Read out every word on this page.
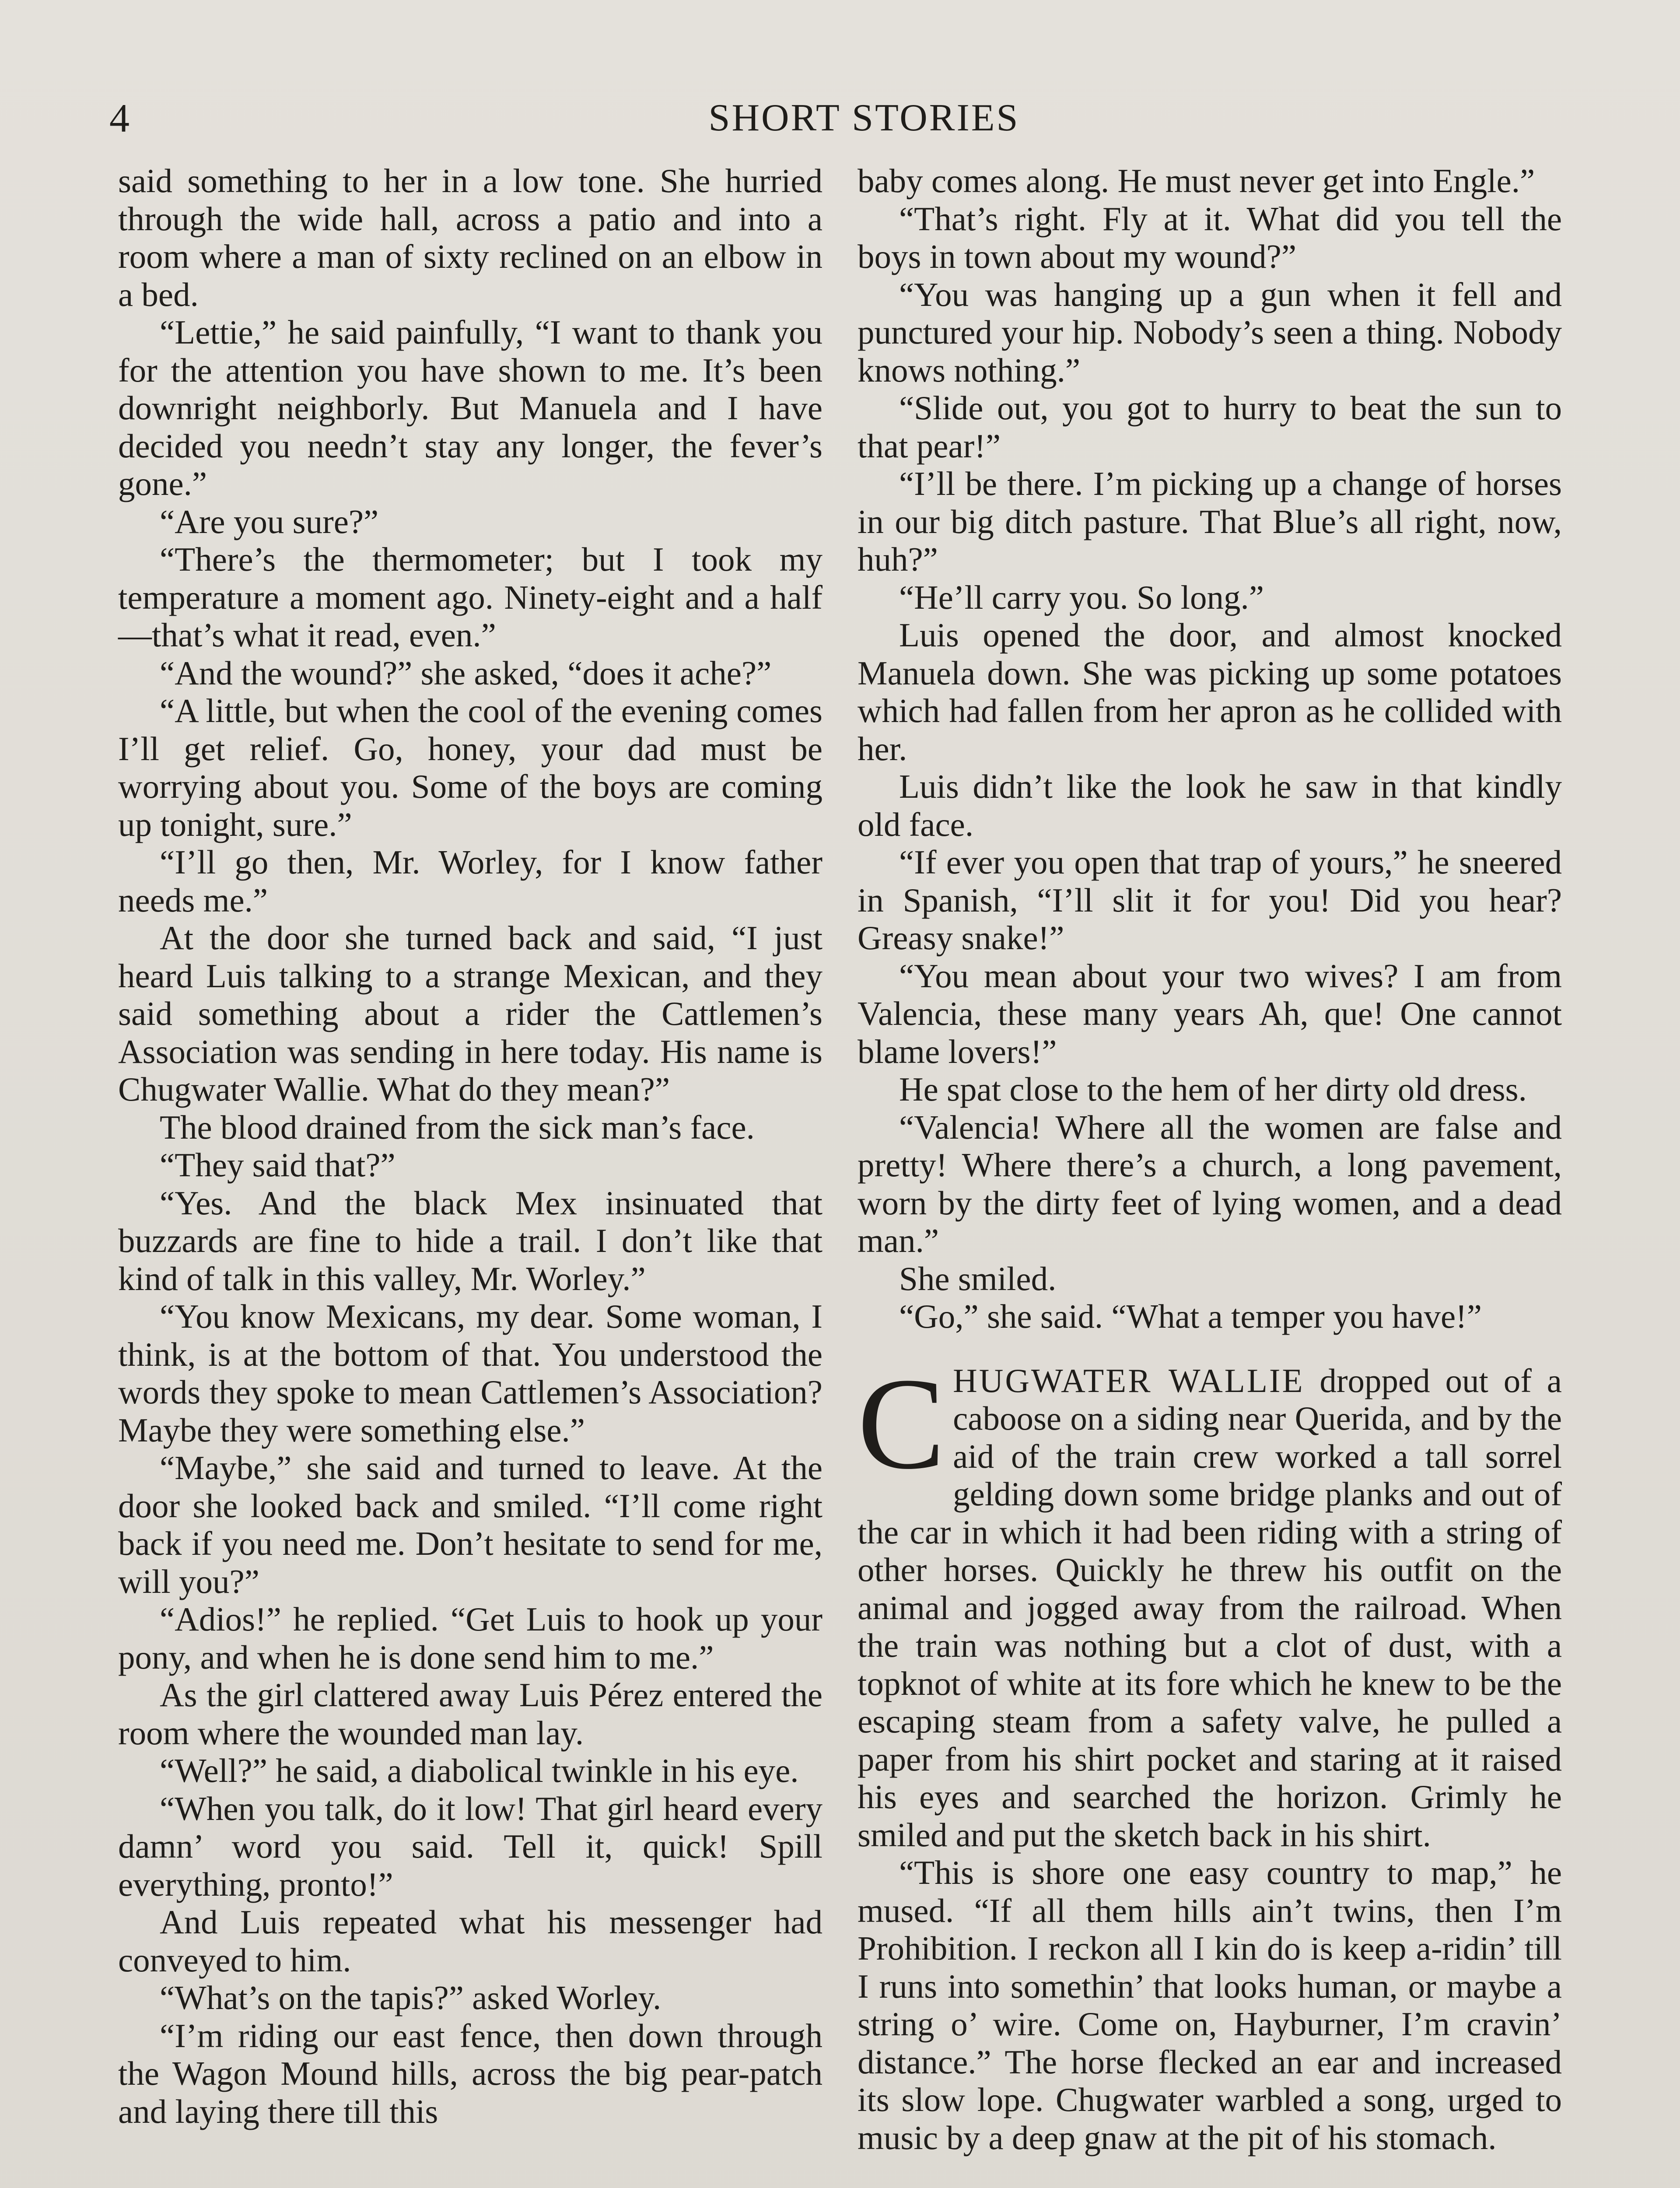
4	SHORT STORIES

said something to her in a low tone. She hurried through the wide hall, across a patio and into a room where a man of sixty reclined on an elbow in a bed.

“Lettie,” he said painfully, “I want to thank you for the attention you have shown to me. It’s been downright neighborly. But Manuela and I have decided you needn’t stay any longer, the fever’s gone.”

“Are you sure?”

“There’s the thermometer; but I took my temperature a moment ago. Ninety-eight and a half—that’s what it read, even.”

“And the wound?” she asked, “does it ache?”

“A little, but when the cool of the evening comes I’ll get relief. Go, honey, your dad must be worrying about you. Some of the boys are coming up tonight, sure.”

“I’ll go then, Mr. Worley, for I know father needs me.”

At the door she turned back and said, “I just heard Luis talking to a strange Mexican, and they said something about a rider the Cattlemen’s Association was sending in here today. His name is Chugwater Wallie. What do they mean?”

The blood drained from the sick man’s face.

“They said that?”

“Yes. And the black Mex insinuated that buzzards are fine to hide a trail. I don’t like that kind of talk in this valley, Mr. Worley.”

“You know Mexicans, my dear. Some woman, I think, is at the bottom of that. You understood the words they spoke to mean Cattlemen’s Association? Maybe they were something else.”

“Maybe,” she said and turned to leave. At the door she looked back and smiled. “I’ll come right back if you need me. Don’t hesitate to send for me, will you?”

“Adios!” he replied. “Get Luis to hook up your pony, and when he is done send him to me.”

As the girl clattered away Luis Pérez entered the room where the wounded man lay.

“Well?” he said, a diabolical twinkle in his eye.

“When you talk, do it low! That girl heard every damn’ word you said. Tell it, quick! Spill everything, pronto!”

And Luis repeated what his messenger had conveyed to him.

“What’s on the tapis?” asked Worley.

“I’m riding our east fence, then down through the Wagon Mound hills, across the big pear-patch and laying there till this

baby comes along. He must never get into Engle.”

“That’s right. Fly at it. What did you tell the boys in town about my wound?”

“You was hanging up a gun when it fell and punctured your hip. Nobody’s seen a thing. Nobody knows nothing.”

“Slide out, you got to hurry to beat the sun to that pear!”

“I’ll be there. I’m picking up a change of horses in our big ditch pasture. That Blue’s all right, now, huh?”

“He’ll carry you. So long.”

Luis opened the door, and almost knocked Manuela down. She was picking up some potatoes which had fallen from her apron as he collided with her.

Luis didn’t like the look he saw in that kindly old face.

“If ever you open that trap of yours,” he sneered in Spanish, “I’ll slit it for you! Did you hear? Greasy snake!”

“You mean about your two wives? I am from Valencia, these many years Ah, que! One cannot blame lovers!”

He spat close to the hem of her dirty old dress.

“Valencia! Where all the women are false and pretty! Where there’s a church, a long pavement, worn by the dirty feet of lying women, and a dead man.”

She smiled.

“Go,” she said. “What a temper you have!”

CHUGWATER WALLIE dropped out of a caboose on a siding near Querida, and by the aid of the train crew worked a tall sorrel gelding down some bridge planks and out of the car in which it had been riding with a string of other horses. Quickly he threw his outfit on the animal and jogged away from the railroad. When the train was nothing but a clot of dust, with a topknot of white at its fore which he knew to be the escaping steam from a safety valve, he pulled a paper from his shirt pocket and staring at it raised his eyes and searched the horizon. Grimly he smiled and put the sketch back in his shirt.

“This is shore one easy country to map,” he mused. “If all them hills ain’t twins, then I’m Prohibition. I reckon all I kin do is keep a-ridin’ till I runs into somethin’ that looks human, or maybe a string o’ wire. Come on, Hayburner, I’m cravin’ distance.” The horse flecked an ear and increased its slow lope. Chugwater warbled a song, urged to music by a deep gnaw at the pit of his stomach.
